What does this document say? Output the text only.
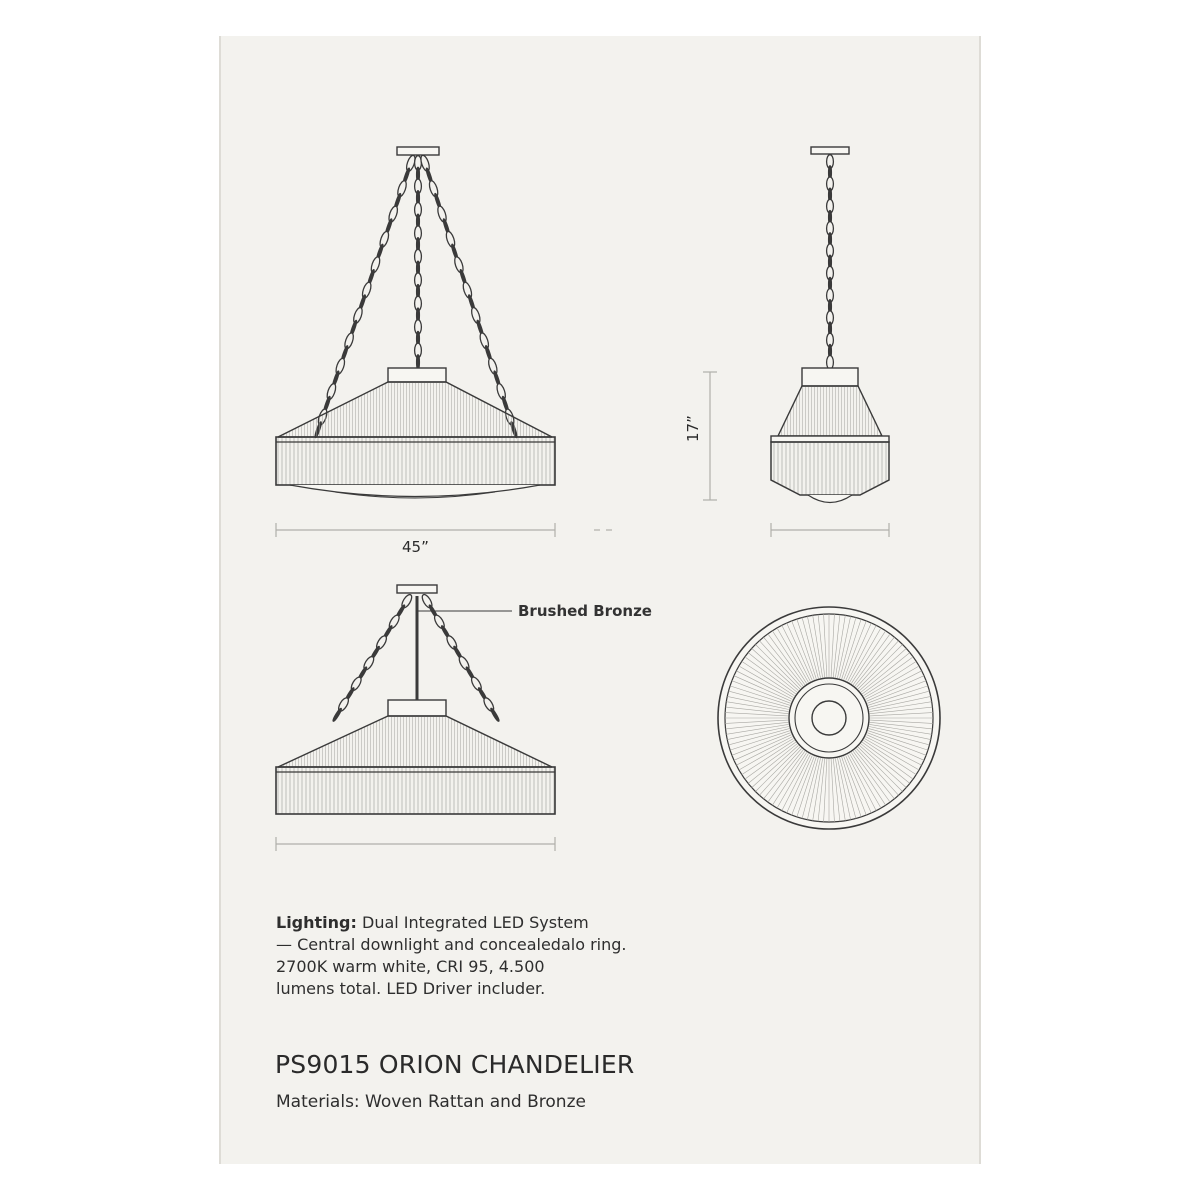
45”
17”
Brushed Bronze
Lighting: Dual Integrated LED System
— Central downlight and concealedalo ring.
2700K warm white, CRI 95, 4.500
lumens total. LED Driver includer.
PS9015 ORION CHANDELIER
Materials: Woven Rattan and Bronze
